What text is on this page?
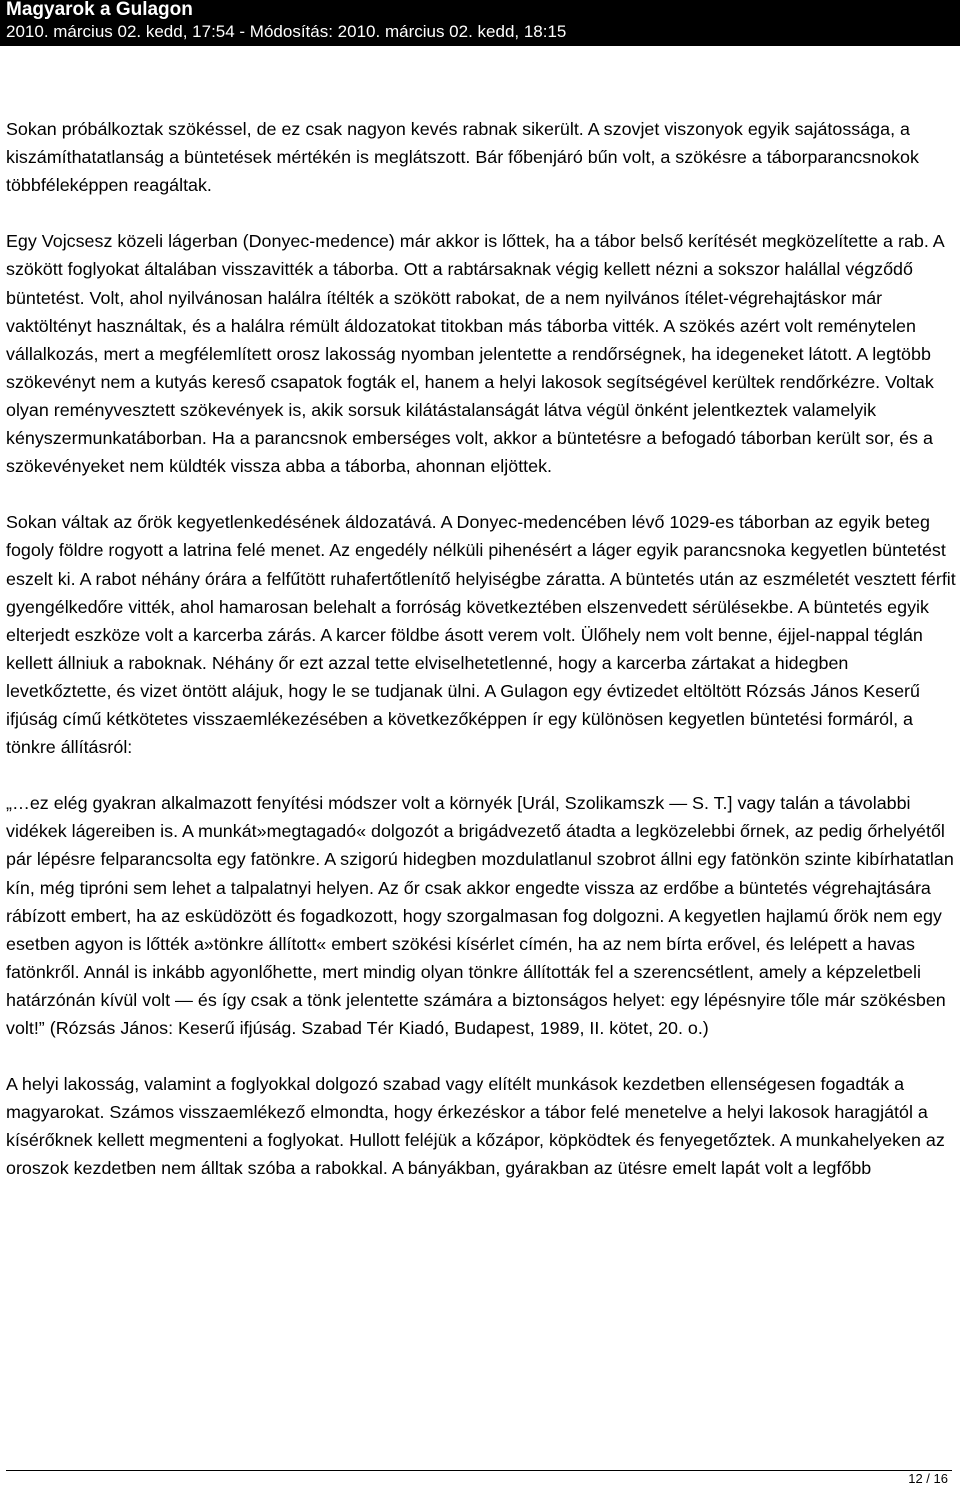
Magyarok a Gulagon
2010. március 02. kedd, 17:54 - Módosítás: 2010. március 02. kedd, 18:15

Sokan próbálkoztak szökéssel, de ez csak nagyon kevés rabnak sikerült. A szovjet viszonyok egyik sajátossága, a kiszámíthatatlanság a büntetések mértékén is meglátszott. Bár főbenjáró bűn volt, a szökésre a táborparancsnokok többféleképpen reagáltak.

Egy Vojcsesz közeli lágerban (Donyec-medence) már akkor is lőttek, ha a tábor belső kerítését megközelítette a rab. A szökött foglyokat általában visszavitték a táborba. Ott a rabtársaknak végig kellett nézni a sokszor halállal végződő büntetést. Volt, ahol nyilvánosan halálra ítélték a szökött rabokat, de a nem nyilvános ítélet-végrehajtáskor már vaktöltényt használtak, és a halálra rémült áldozatokat titokban más táborba vitték. A szökés azért volt reménytelen vállalkozás, mert a megfélemlített orosz lakosság nyomban jelentette a rendőrségnek, ha idegeneket látott. A legtöbb szökevényt nem a kutyás kereső csapatok fogták el, hanem a helyi lakosok segítségével kerültek rendőrkézre. Voltak olyan reményvesztett szökevények is, akik sorsuk kilátástalanságát látva végül önként jelentkeztek valamelyik kényszermunkatáborban. Ha a parancsnok emberséges volt, akkor a büntetésre a befogadó táborban került sor, és a szökevényeket nem küldték vissza abba a táborba, ahonnan eljöttek.

Sokan váltak az őrök kegyetlenkedésének áldozatává. A Donyec-medencében lévő 1029-es táborban az egyik beteg fogoly földre rogyott a latrina felé menet. Az engedély nélküli pihenésért a láger egyik parancsnoka kegyetlen büntetést eszelt ki. A rabot néhány órára a felfűtött ruhafertőtlenítő helyiségbe záratta. A büntetés után az eszméletét vesztett férfit gyengélkedőre vitték, ahol hamarosan belehalt a forróság következtében elszenvedett sérülésekbe. A büntetés egyik elterjedt eszköze volt a karcerba zárás. A karcer földbe ásott verem volt. Ülőhely nem volt benne, éjjel-nappal téglán kellett állniuk a raboknak. Néhány őr ezt azzal tette elviselhetetlenné, hogy a karcerba zártakat a hidegben levetkőztette, és vizet öntött alájuk, hogy le se tudjanak ülni. A Gulagon egy évtizedet eltöltött Rózsás János Keserű ifjúság című kétkötetes visszaemlékezésében a következőképpen ír egy különösen kegyetlen büntetési formáról, a tönkre állításról:

„…ez elég gyakran alkalmazott fenyítési módszer volt a környék [Urál, Szolikamszk — S. T.] vagy talán a távolabbi vidékek lágereiben is. A munkát»megtagadó« dolgozót a brigádvezető átadta a legközelebbi őrnek, az pedig őrhelyétől pár lépésre felparancsolta egy fatönkre. A szigorú hidegben mozdulatlanul szobrot állni egy fatönkön szinte kibírhatatlan kín, még tipróni sem lehet a talpalatnyi helyen. Az őr csak akkor engedte vissza az erdőbe a büntetés végrehajtására rábízott embert, ha az esküdözött és fogadkozott, hogy szorgalmasan fog dolgozni. A kegyetlen hajlamú őrök nem egy esetben agyon is lőtték a»tönkre állított« embert szökési kísérlet címén, ha az nem bírta erővel, és lelépett a havas fatönkről. Annál is inkább agyonlőhette, mert mindig olyan tönkre állították fel a szerencsétlent, amely a képzeletbeli határzónán kívül volt — és így csak a tönk jelentette számára a biztonságos helyet: egy lépésnyire tőle már szökésben volt!” (Rózsás János: Keserű ifjúság. Szabad Tér Kiadó, Budapest, 1989, II. kötet, 20. o.)

A helyi lakosság, valamint a foglyokkal dolgozó szabad vagy elítélt munkások kezdetben ellenségesen fogadták a magyarokat. Számos visszaemlékező elmondta, hogy érkezéskor a tábor felé menetelve a helyi lakosok haragjától a kísérőknek kellett megmenteni a foglyokat. Hullott feléjük a kőzápor, köpködtek és fenyegetőztek. A munkahelyeken az oroszok kezdetben nem álltak szóba a rabokkal. A bányákban, gyárakban az ütésre emelt lapát volt a legfőbb

12 / 16
